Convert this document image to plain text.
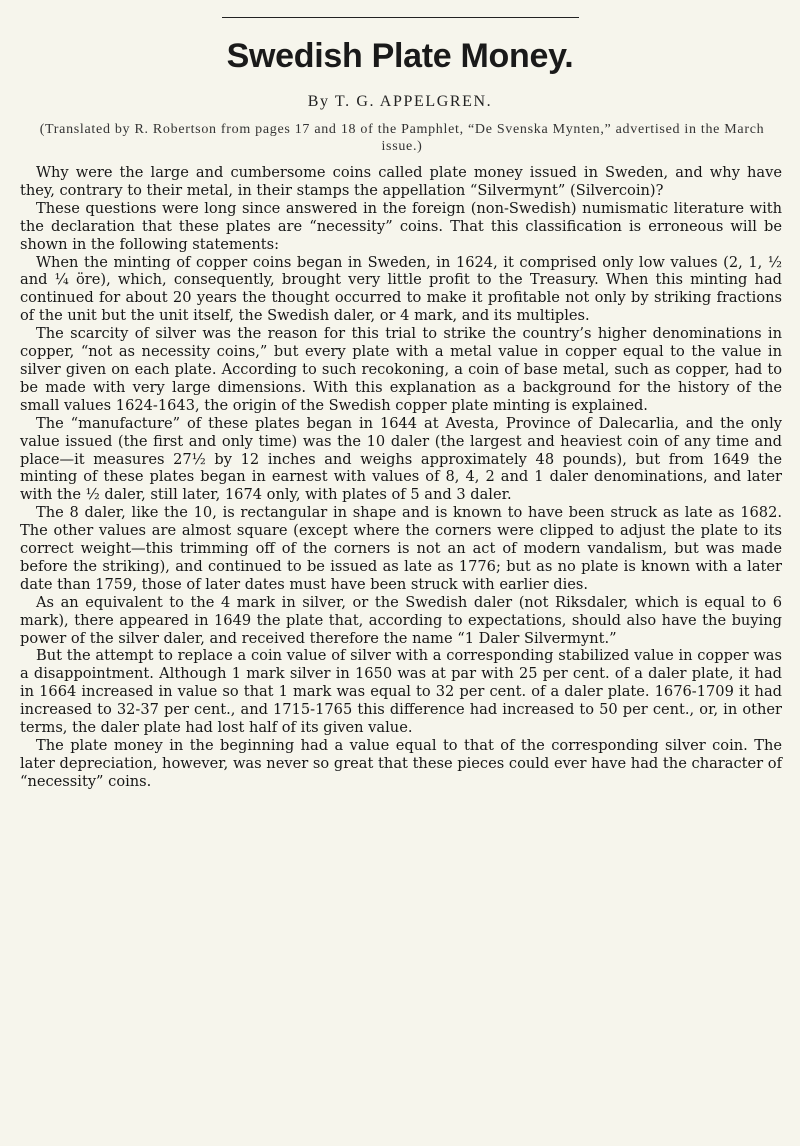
Swedish Plate Money.
By T. G. APPELGREN.
(Translated by R. Robertson from pages 17 and 18 of the Pamphlet, “De Svenska Mynten,” advertised in the March issue.)

Why were the large and cumbersome coins called plate money issued in Sweden, and why have they, contrary to their metal, in their stamps the appellation “Silvermynt” (Silvercoin)?

These questions were long since answered in the foreign (non-Swedish) numismatic literature with the declaration that these plates are “necessity” coins. That this classification is erroneous will be shown in the following statements:

When the minting of copper coins began in Sweden, in 1624, it comprised only low values (2, 1, ½ and ¼ öre), which, consequently, brought very little profit to the Treasury. When this minting had continued for about 20 years the thought occurred to make it profitable not only by striking fractions of the unit but the unit itself, the Swedish daler, or 4 mark, and its multiples.

The scarcity of silver was the reason for this trial to strike the country’s higher denominations in copper, “not as necessity coins,” but every plate with a metal value in copper equal to the value in silver given on each plate. According to such recokoning, a coin of base metal, such as copper, had to be made with very large dimensions. With this explanation as a background for the history of the small values 1624-1643, the origin of the Swedish copper plate minting is explained.

The “manufacture” of these plates began in 1644 at Avesta, Province of Dalecarlia, and the only value issued (the first and only time) was the 10 daler (the largest and heaviest coin of any time and place—it measures 27½ by 12 inches and weighs approximately 48 pounds), but from 1649 the minting of these plates began in earnest with values of 8, 4, 2 and 1 daler denominations, and later with the ½ daler, still later, 1674 only, with plates of 5 and 3 daler.

The 8 daler, like the 10, is rectangular in shape and is known to have been struck as late as 1682. The other values are almost square (except where the corners were clipped to adjust the plate to its correct weight—this trimming off of the corners is not an act of modern vandalism, but was made before the striking), and continued to be issued as late as 1776; but as no plate is known with a later date than 1759, those of later dates must have been struck with earlier dies.

As an equivalent to the 4 mark in silver, or the Swedish daler (not Riksdaler, which is equal to 6 mark), there appeared in 1649 the plate that, according to expectations, should also have the buying power of the silver daler, and received therefore the name “1 Daler Silvermynt.”

But the attempt to replace a coin value of silver with a corresponding stabilized value in copper was a disappointment. Although 1 mark silver in 1650 was at par with 25 per cent. of a daler plate, it had in 1664 increased in value so that 1 mark was equal to 32 per cent. of a daler plate. 1676-1709 it had increased to 32-37 per cent., and 1715-1765 this difference had increased to 50 per cent., or, in other terms, the daler plate had lost half of its given value.

The plate money in the beginning had a value equal to that of the corresponding silver coin. The later depreciation, however, was never so great that these pieces could ever have had the character of “necessity” coins.
